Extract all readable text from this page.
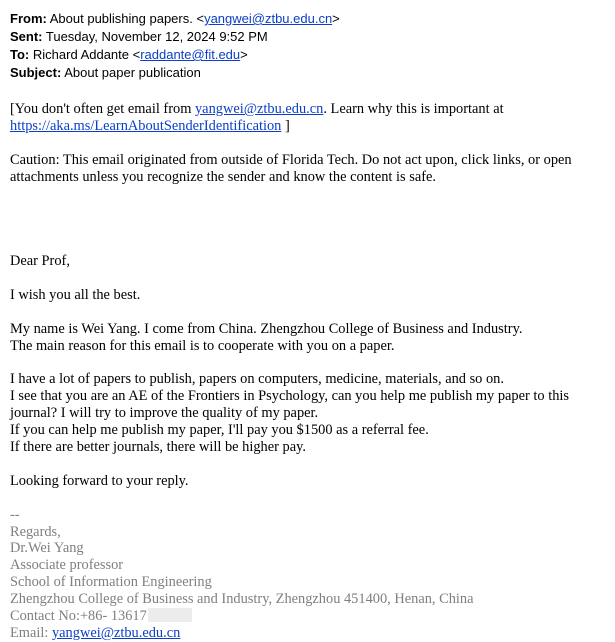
From: About publishing papers. <yangwei@ztbu.edu.cn>
Sent: Tuesday, November 12, 2024 9:52 PM
To: Richard Addante <raddante@fit.edu>
Subject: About paper publication

[You don't often get email from yangwei@ztbu.edu.cn. Learn why this is important at
https://aka.ms/LearnAboutSenderIdentification ]

Caution: This email originated from outside of Florida Tech. Do not act upon, click links, or open
attachments unless you recognize the sender and know the content is safe.

Dear Prof,

I wish you all the best.

My name is Wei Yang. I come from China. Zhengzhou College of Business and Industry.
The main reason for this email is to cooperate with you on a paper.

I have a lot of papers to publish, papers on computers, medicine, materials, and so on.
I see that you are an AE of the Frontiers in Psychology, can you help me publish my paper to this
journal? I will try to improve the quality of my paper.
If you can help me publish my paper, I'll pay you $1500 as a referral fee.
If there are better journals, there will be higher pay.

Looking forward to your reply.

--

Regards,

Dr.Wei Yang

Associate professor

School of Information Engineering

Zhengzhou College of Business and Industry, Zhengzhou 451400, Henan, China

Contact No:+86- 13617

Email: yangwei@ztbu.edu.cn
